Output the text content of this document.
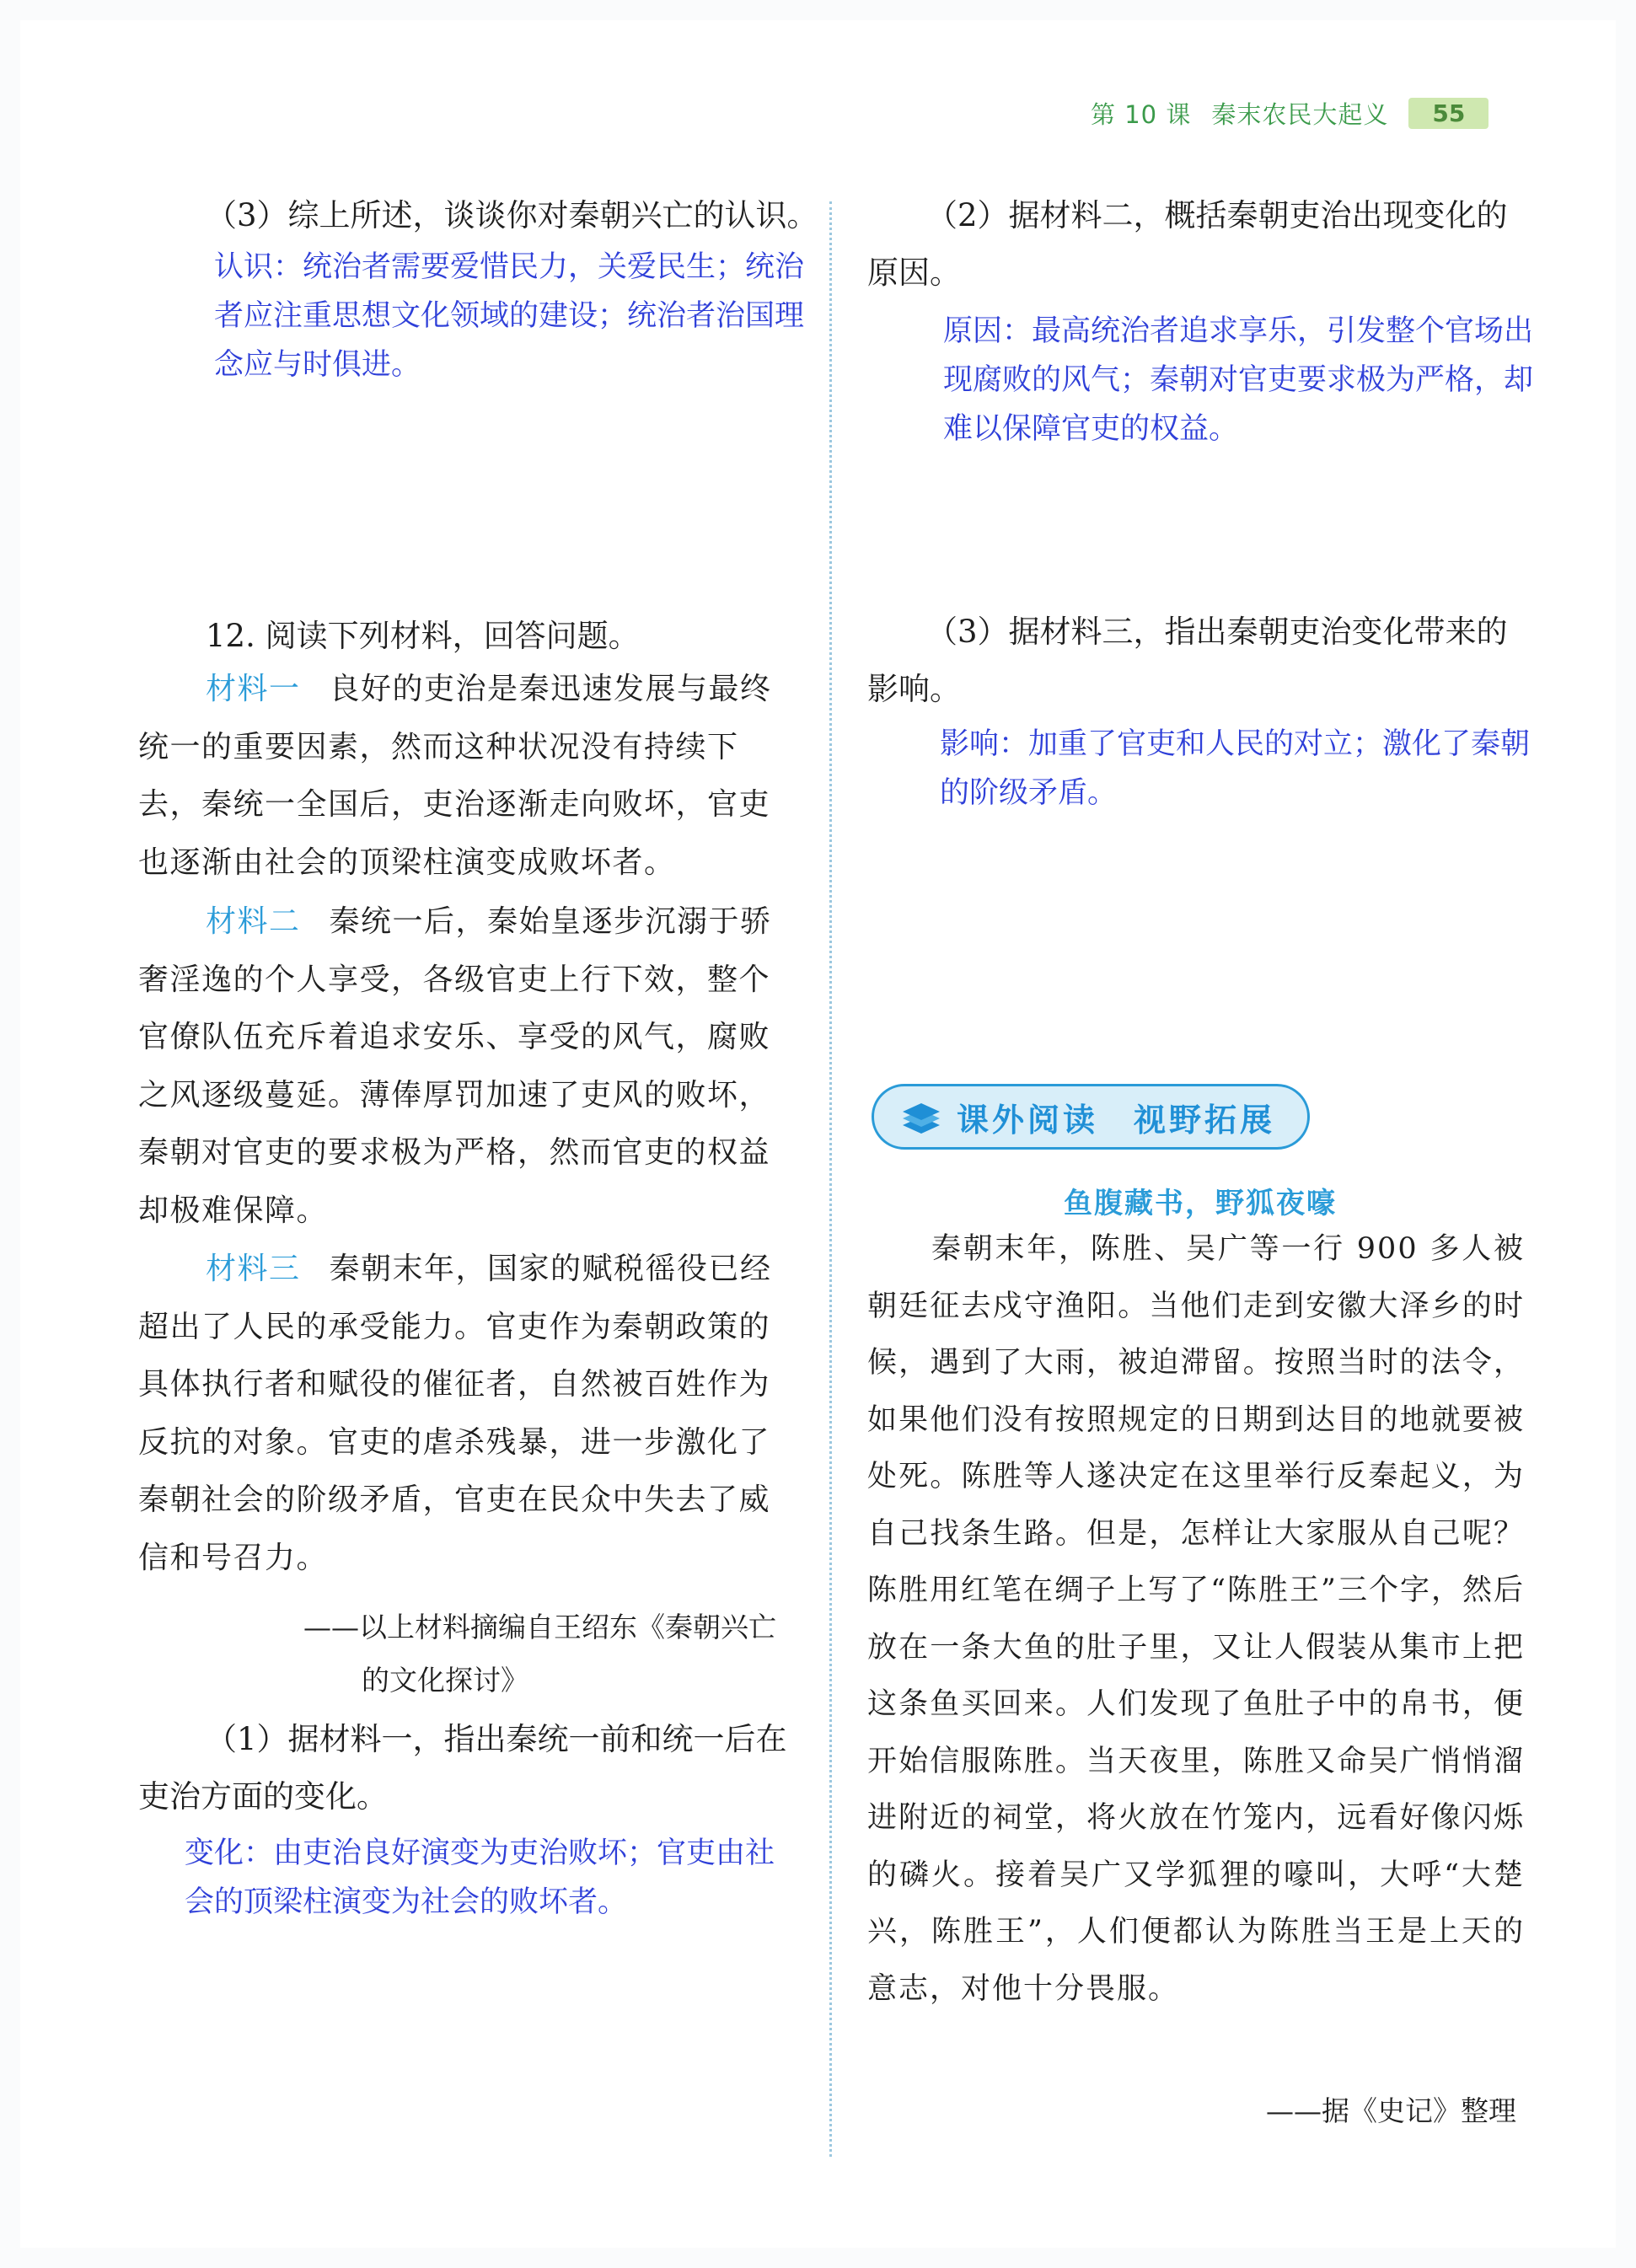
第 10 课 秦末农民大起义	55

（3）综上所述，谈谈你对秦朝兴亡的认识。

认识：统治者需要爱惜民力，关爱民生；统治者应注重思想文化领域的建设；统治者治国理念应与时俱进。

12. 阅读下列材料，回答问题。

材料一 良好的吏治是秦迅速发展与最终统一的重要因素，然而这种状况没有持续下去，秦统一全国后，吏治逐渐走向败坏，官吏也逐渐由社会的顶梁柱演变成败坏者。

材料二 秦统一后，秦始皇逐步沉溺于骄奢淫逸的个人享受，各级官吏上行下效，整个官僚队伍充斥着追求安乐、享受的风气，腐败之风逐级蔓延。薄俸厚罚加速了吏风的败坏，秦朝对官吏的要求极为严格，然而官吏的权益却极难保障。

材料三 秦朝末年，国家的赋税徭役已经超出了人民的承受能力。官吏作为秦朝政策的具体执行者和赋役的催征者，自然被百姓作为反抗的对象。官吏的虐杀残暴，进一步激化了秦朝社会的阶级矛盾，官吏在民众中失去了威信和号召力。

——以上材料摘编自王绍东《秦朝兴亡

的文化探讨》

（1）据材料一，指出秦统一前和统一后在吏治方面的变化。

变化：由吏治良好演变为吏治败坏；官吏由社会的顶梁柱演变为社会的败坏者。

（2）据材料二，概括秦朝吏治出现变化的原因。

原因：最高统治者追求享乐，引发整个官场出现腐败的风气；秦朝对官吏要求极为严格，却难以保障官吏的权益。

（3）据材料三，指出秦朝吏治变化带来的影响。

影响：加重了官吏和人民的对立；激化了秦朝的阶级矛盾。

课外阅读　视野拓展
鱼腹藏书，野狐夜嚎

秦朝末年，陈胜、吴广等一行 900 多人被朝廷征去戍守渔阳。当他们走到安徽大泽乡的时候，遇到了大雨，被迫滞留。按照当时的法令，如果他们没有按照规定的日期到达目的地就要被处死。陈胜等人遂决定在这里举行反秦起义，为自己找条生路。但是，怎样让大家服从自己呢？陈胜用红笔在绸子上写了“陈胜王”三个字，然后放在一条大鱼的肚子里，又让人假装从集市上把这条鱼买回来。人们发现了鱼肚子中的帛书，便开始信服陈胜。当天夜里，陈胜又命吴广悄悄溜进附近的祠堂，将火放在竹笼内，远看好像闪烁的磷火。接着吴广又学狐狸的嚎叫，大呼“大楚兴，陈胜王”，人们便都认为陈胜当王是上天的意志，对他十分畏服。

——据《史记》整理
